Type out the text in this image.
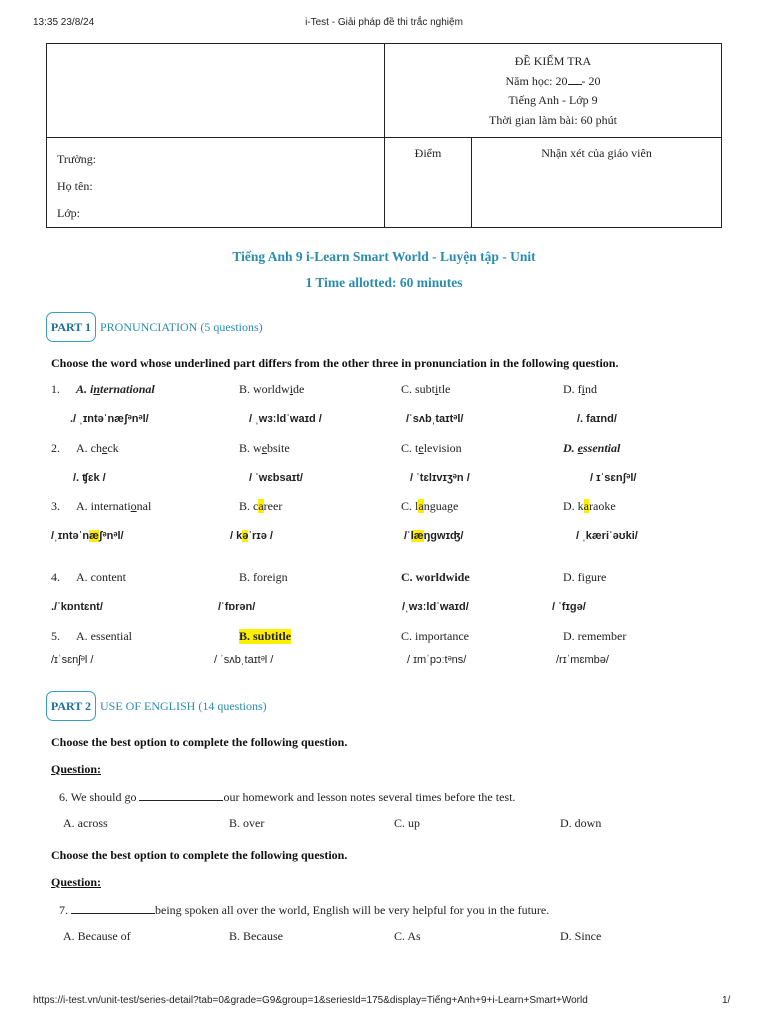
13:35 23/8/24	i-Test - Giải pháp đề thi trắc nghiệm

	ĐỀ KIỂM TRA
Năm học: 20 - 20
Tiếng Anh - Lớp 9
Thời gian làm bài: 60 phút	

Trường:
Họ tên:
Lớp:	Điểm	Nhận xét của giáo viên
Tiếng Anh 9 i-Learn Smart World - Luyện tập - Unit
1 Time allotted: 60 minutes
PART 1 PRONUNCIATION (5 questions)
Choose the word whose underlined part differs from the other three in pronunciation in the following question.
1. A. international	B. worldwide	C. subtitle	D. find
./ ˌɪntəˈnæʃᵊnᵊl/	/ ˌwɜːldˈwaɪd /	/ˈsʌbˌtaɪtᵊl/	/. faɪnd/
2. A. check	B. website	C. television	D. essential
/. ʧɛk /	/ ˈwɛbsaɪt/	/ ˈtɛlɪvɪʒᵊn /	/ ɪˈsɛnʃᵊl/
3. A. international	B. career	C. language	D. karaoke
/ˌɪntəˈnæʃᵊnᵊl/	/ kəˈrɪə /	/ˈlæŋɡwɪʤ/	/ ˌkæriˈəʊki/
4. A. content	B. foreign	C. worldwide	D. figure
./ˈkɒntɛnt/	/ˈfɒrən/	/ˌwɜːldˈwaɪd/	/ ˈfɪɡə/
5. A. essential	B. subtitle	C. importance	D. remember
/ɪˈsɛnʃᵊl /	/ ˈsʌbˌtaɪtᵊl /	/ ɪmˈpɔːtᵊns/	/rɪˈmɛmbə/
PART 2 USE OF ENGLISH (14 questions)
Choose the best option to complete the following question.
Question:
6. We should go	our homework and lesson notes several times before the test.
A. across	B. over	C. up	D. down
Choose the best option to complete the following question.
Question:
7.	being spoken all over the world, English will be very helpful for you in the future.
A. Because of	B. Because	C. As	D. Since
https://i-test.vn/unit-test/series-detail?tab=0&grade=G9&group=1&seriesId=175&display=Tiếng+Anh+9+i-Learn+Smart+World	1/
